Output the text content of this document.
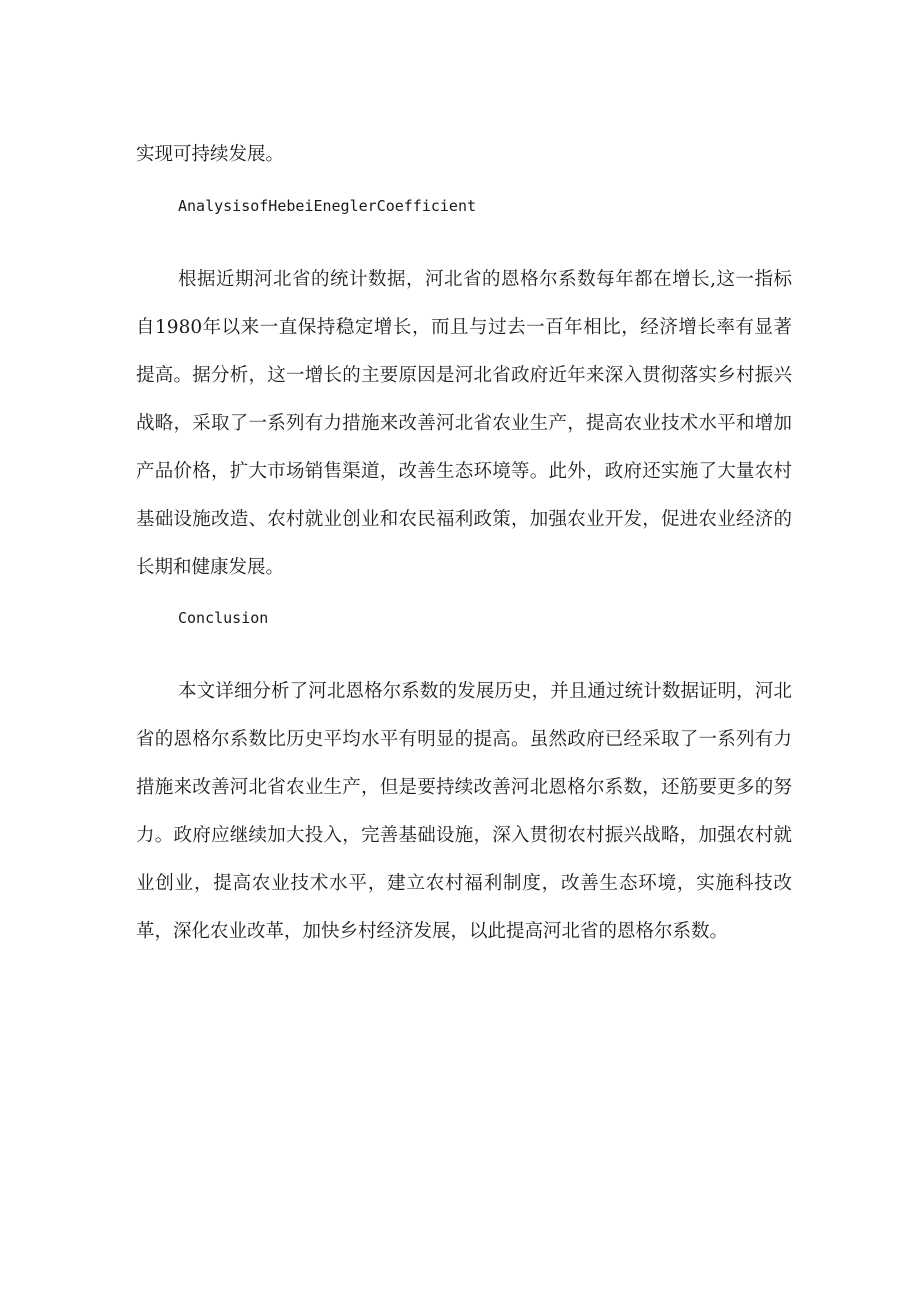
实现可持续发展。

AnalysisofHebeiEneglerCoefficient

根据近期河北省的统计数据，河北省的恩格尔系数每年都在增长,这一指标自1980年以来一直保持稳定增长，而且与过去一百年相比，经济增长率有显著提高。据分析，这一增长的主要原因是河北省政府近年来深入贯彻落实乡村振兴战略，采取了一系列有力措施来改善河北省农业生产，提高农业技术水平和增加产品价格，扩大市场销售渠道，改善生态环境等。此外，政府还实施了大量农村基础设施改造、农村就业创业和农民福利政策，加强农业开发，促进农业经济的长期和健康发展。

Conclusion

本文详细分析了河北恩格尔系数的发展历史，并且通过统计数据证明，河北省的恩格尔系数比历史平均水平有明显的提高。虽然政府已经采取了一系列有力措施来改善河北省农业生产，但是要持续改善河北恩格尔系数，还筋要更多的努力。政府应继续加大投入，完善基础设施，深入贯彻农村振兴战略，加强农村就业创业，提高农业技术水平，建立农村福利制度，改善生态环境，实施科技改革，深化农业改革，加快乡村经济发展，以此提高河北省的恩格尔系数。
